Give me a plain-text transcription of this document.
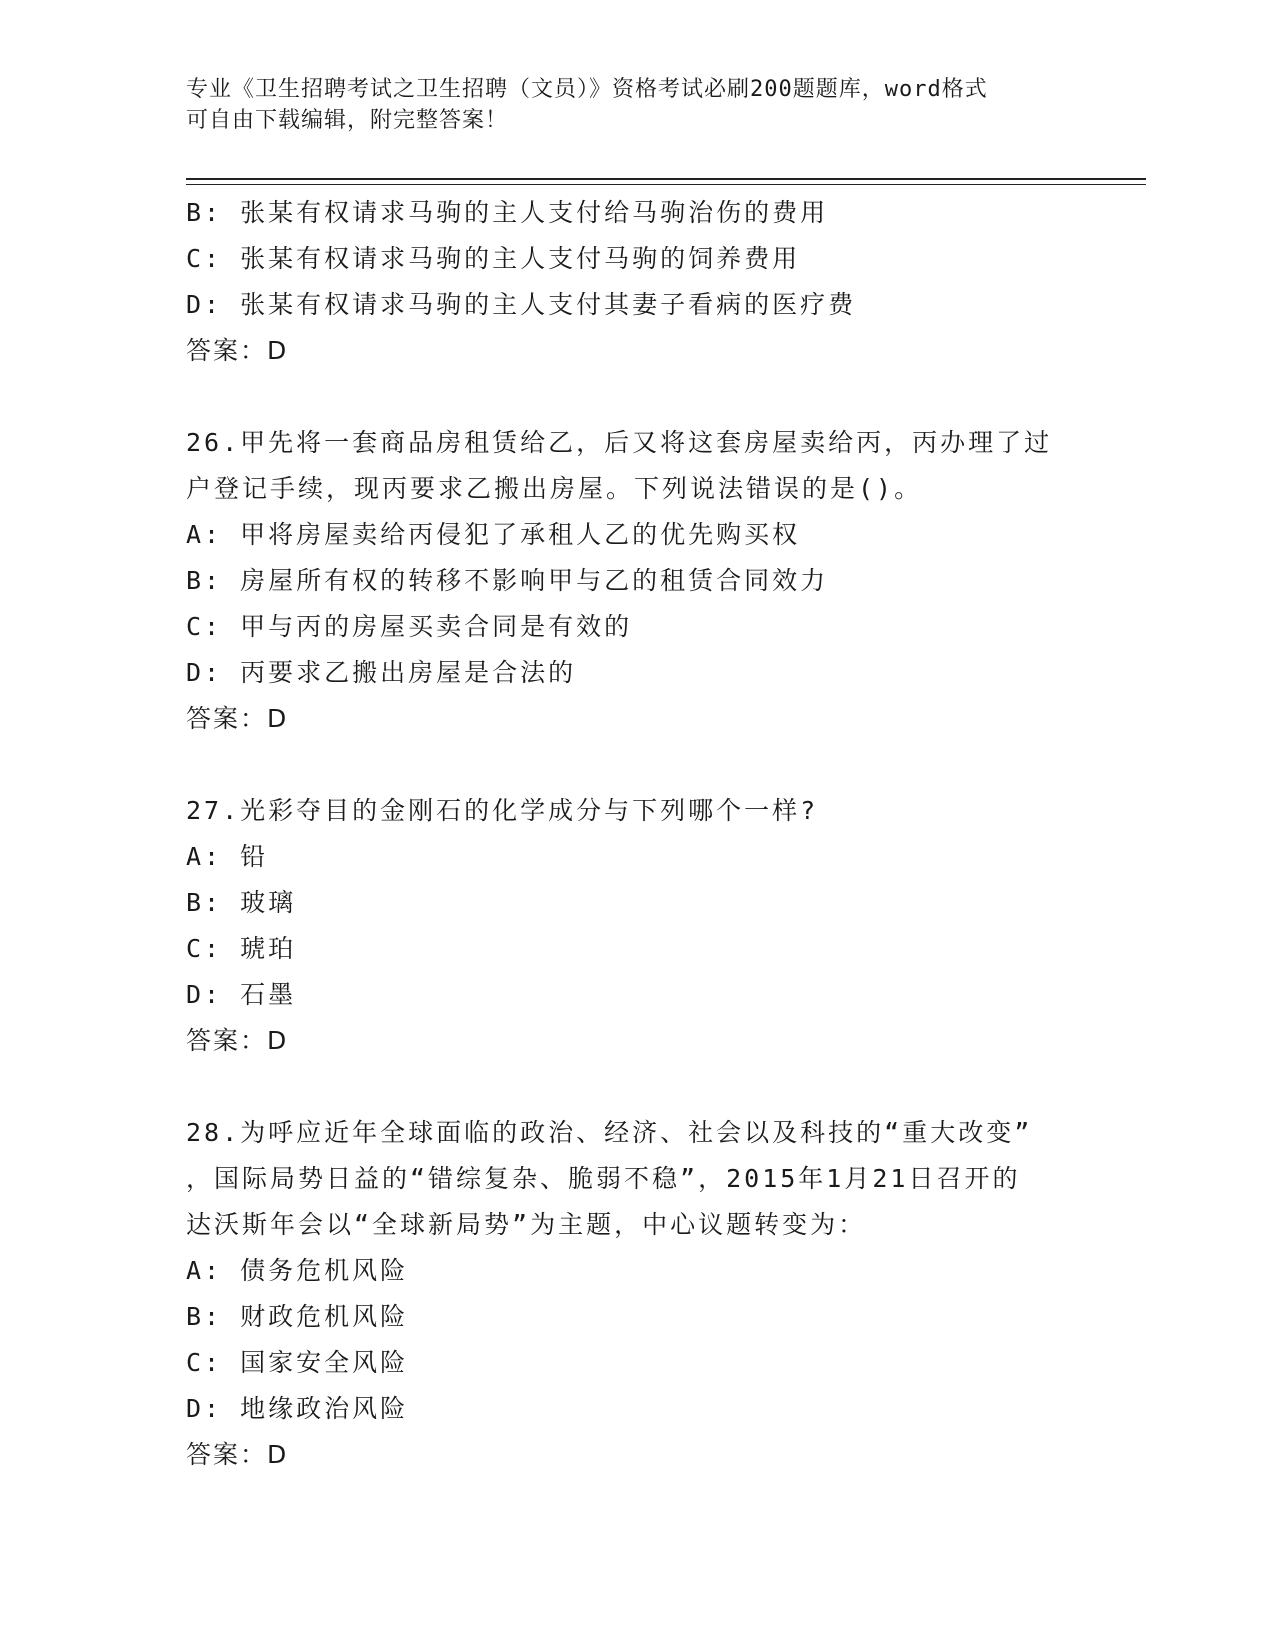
专业《卫生招聘考试之卫生招聘（文员）》资格考试必刷200题题库，word格式
可自由下载编辑，附完整答案！
B: 张某有权请求马驹的主人支付给马驹治伤的费用
C: 张某有权请求马驹的主人支付马驹的饲养费用
D: 张某有权请求马驹的主人支付其妻子看病的医疗费
答案：D
26.甲先将一套商品房租赁给乙，后又将这套房屋卖给丙，丙办理了过
户登记手续，现丙要求乙搬出房屋。下列说法错误的是()。
A: 甲将房屋卖给丙侵犯了承租人乙的优先购买权
B: 房屋所有权的转移不影响甲与乙的租赁合同效力
C: 甲与丙的房屋买卖合同是有效的
D: 丙要求乙搬出房屋是合法的
答案：D
27.光彩夺目的金刚石的化学成分与下列哪个一样?
A: 铅
B: 玻璃
C: 琥珀
D: 石墨
答案：D
28.为呼应近年全球面临的政治、经济、社会以及科技的“重大改变”
，国际局势日益的“错综复杂、脆弱不稳”，2015年1月21日召开的
达沃斯年会以“全球新局势”为主题，中心议题转变为：
A: 债务危机风险
B: 财政危机风险
C: 国家安全风险
D: 地缘政治风险
答案：D
